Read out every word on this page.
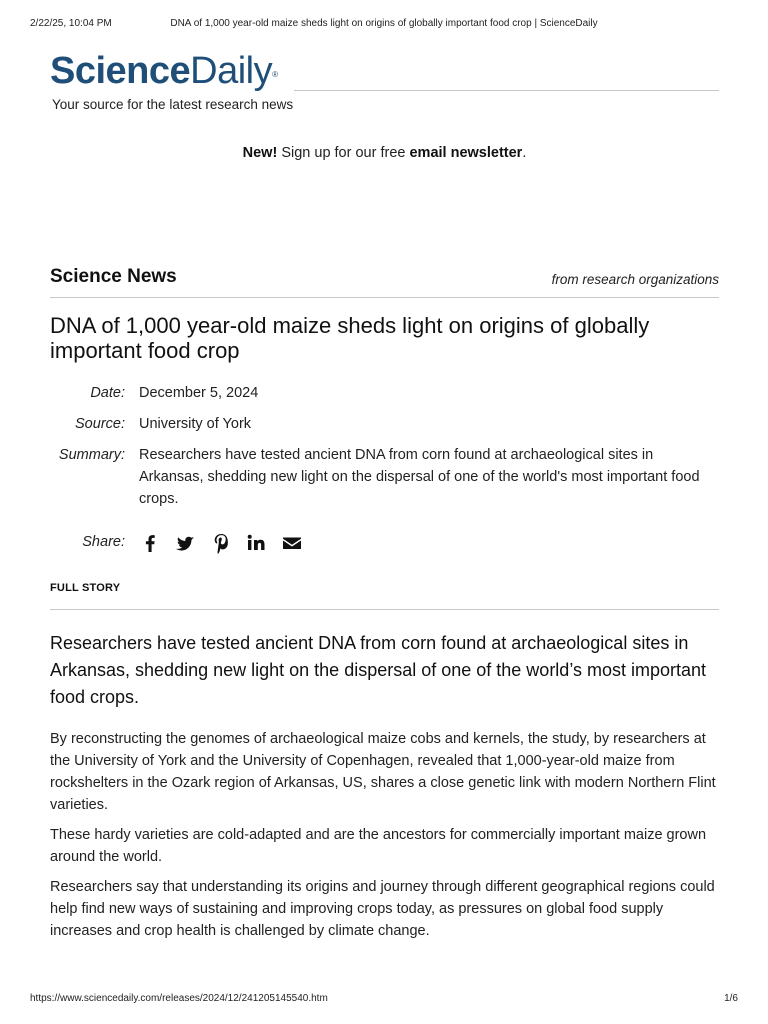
2/22/25, 10:04 PM	DNA of 1,000 year-old maize sheds light on origins of globally important food crop | ScienceDaily
ScienceDaily®
Your source for the latest research news
New! Sign up for our free email newsletter.
Science News	from research organizations
DNA of 1,000 year-old maize sheds light on origins of globally important food crop
Date: December 5, 2024
Source: University of York
Summary: Researchers have tested ancient DNA from corn found at archaeological sites in Arkansas, shedding new light on the dispersal of one of the world's most important food crops.
Share:

FULL STORY

Researchers have tested ancient DNA from corn found at archaeological sites in Arkansas, shedding new light on the dispersal of one of the world’s most important food crops.

By reconstructing the genomes of archaeological maize cobs and kernels, the study, by researchers at the University of York and the University of Copenhagen, revealed that 1,000-year-old maize from rockshelters in the Ozark region of Arkansas, US, shares a close genetic link with modern Northern Flint varieties.

These hardy varieties are cold-adapted and are the ancestors for commercially important maize grown around the world.

Researchers say that understanding its origins and journey through different geographical regions could help find new ways of sustaining and improving crops today, as pressures on global food supply increases and crop health is challenged by climate change.

https://www.sciencedaily.com/releases/2024/12/241205145540.htm	1/6
